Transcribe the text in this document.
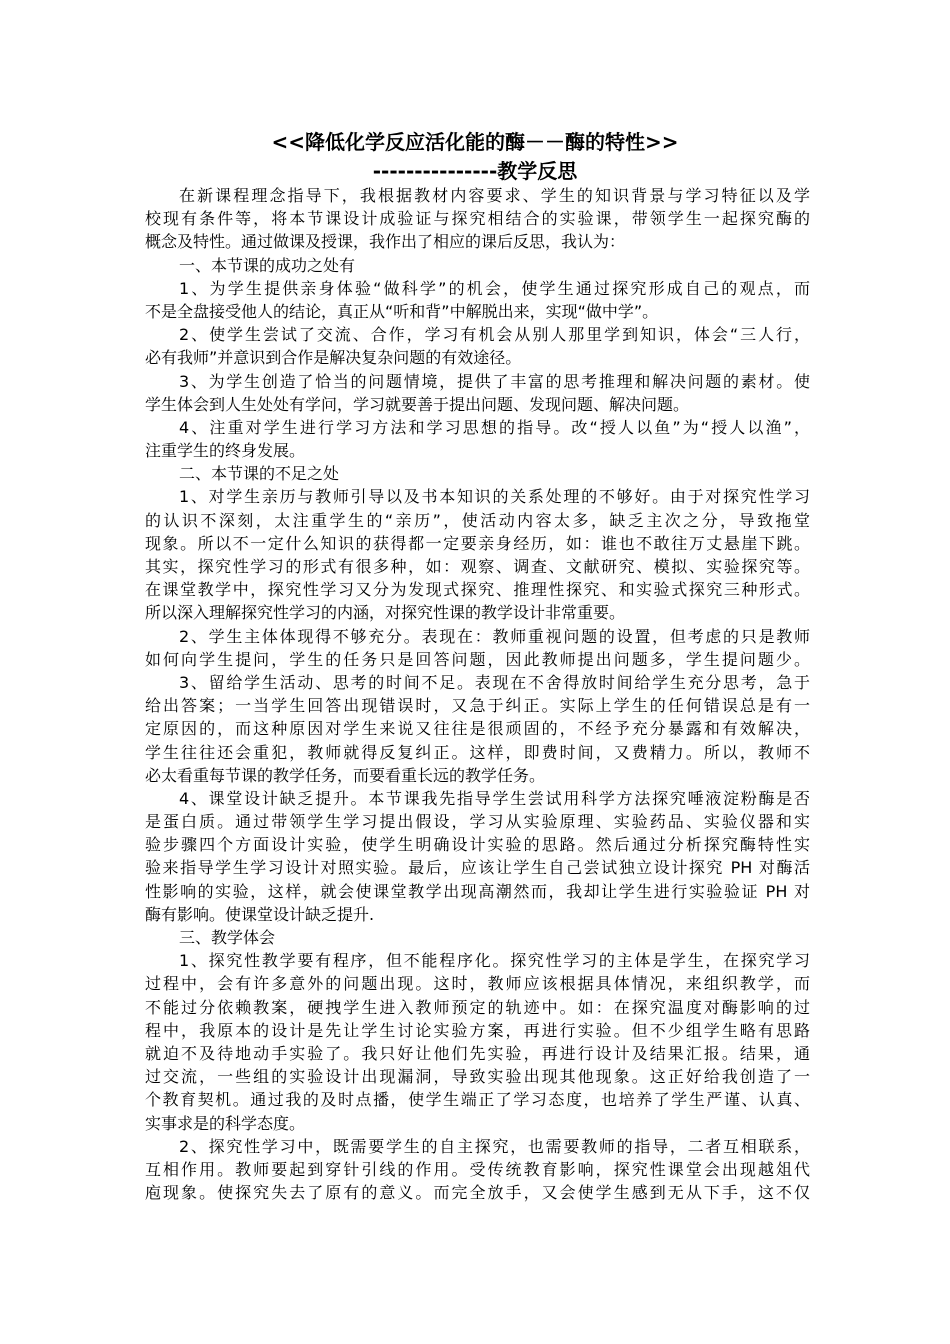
<<降低化学反应活化能的酶－－酶的特性>>
---------------教学反思
在新课程理念指导下，我根据教材内容要求、学生的知识背景与学习特征以及学
校现有条件等，将本节课设计成验证与探究相结合的实验课，带领学生一起探究酶的
概念及特性。通过做课及授课，我作出了相应的课后反思，我认为：
一、本节课的成功之处有
1、为学生提供亲身体验“做科学”的机会，使学生通过探究形成自己的观点，而
不是全盘接受他人的结论，真正从“听和背”中解脱出来，实现“做中学”。
2、使学生尝试了交流、合作，学习有机会从别人那里学到知识，体会“三人行，
必有我师”并意识到合作是解决复杂问题的有效途径。
3、为学生创造了恰当的问题情境，提供了丰富的思考推理和解决问题的素材。使
学生体会到人生处处有学问，学习就要善于提出问题、发现问题、解决问题。
4、注重对学生进行学习方法和学习思想的指导。改“授人以鱼”为“授人以渔”，
注重学生的终身发展。
二、本节课的不足之处
1、对学生亲历与教师引导以及书本知识的关系处理的不够好。由于对探究性学习
的认识不深刻，太注重学生的“亲历”，使活动内容太多，缺乏主次之分，导致拖堂
现象。所以不一定什么知识的获得都一定要亲身经历，如：谁也不敢往万丈悬崖下跳。
其实，探究性学习的形式有很多种，如：观察、调查、文献研究、模拟、实验探究等。
在课堂教学中，探究性学习又分为发现式探究、推理性探究、和实验式探究三种形式。
所以深入理解探究性学习的内涵，对探究性课的教学设计非常重要。
2、学生主体体现得不够充分。表现在：教师重视问题的设置，但考虑的只是教师
如何向学生提问，学生的任务只是回答问题，因此教师提出问题多，学生提问题少。
3、留给学生活动、思考的时间不足。表现在不舍得放时间给学生充分思考，急于
给出答案；一当学生回答出现错误时，又急于纠正。实际上学生的任何错误总是有一
定原因的，而这种原因对学生来说又往往是很顽固的，不经予充分暴露和有效解决，
学生往往还会重犯，教师就得反复纠正。这样，即费时间，又费精力。所以，教师不
必太看重每节课的教学任务，而要看重长远的教学任务。
4、课堂设计缺乏提升。本节课我先指导学生尝试用科学方法探究唾液淀粉酶是否
是蛋白质。通过带领学生学习提出假设，学习从实验原理、实验药品、实验仪器和实
验步骤四个方面设计实验，使学生明确设计实验的思路。然后通过分析探究酶特性实
验来指导学生学习设计对照实验。最后，应该让学生自己尝试独立设计探究 PH 对酶活
性影响的实验，这样，就会使课堂教学出现高潮然而，我却让学生进行实验验证 PH 对
酶有影响。使课堂设计缺乏提升.
三、教学体会
1、探究性教学要有程序，但不能程序化。探究性学习的主体是学生，在探究学习
过程中，会有许多意外的问题出现。这时，教师应该根据具体情况，来组织教学，而
不能过分依赖教案，硬拽学生进入教师预定的轨迹中。如：在探究温度对酶影响的过
程中，我原本的设计是先让学生讨论实验方案，再进行实验。但不少组学生略有思路
就迫不及待地动手实验了。我只好让他们先实验，再进行设计及结果汇报。结果，通
过交流，一些组的实验设计出现漏洞，导致实验出现其他现象。这正好给我创造了一
个教育契机。通过我的及时点播，使学生端正了学习态度，也培养了学生严谨、认真、
实事求是的科学态度。
2、探究性学习中，既需要学生的自主探究，也需要教师的指导，二者互相联系，
互相作用。教师要起到穿针引线的作用。受传统教育影响，探究性课堂会出现越俎代
庖现象。使探究失去了原有的意义。而完全放手，又会使学生感到无从下手，这不仅
